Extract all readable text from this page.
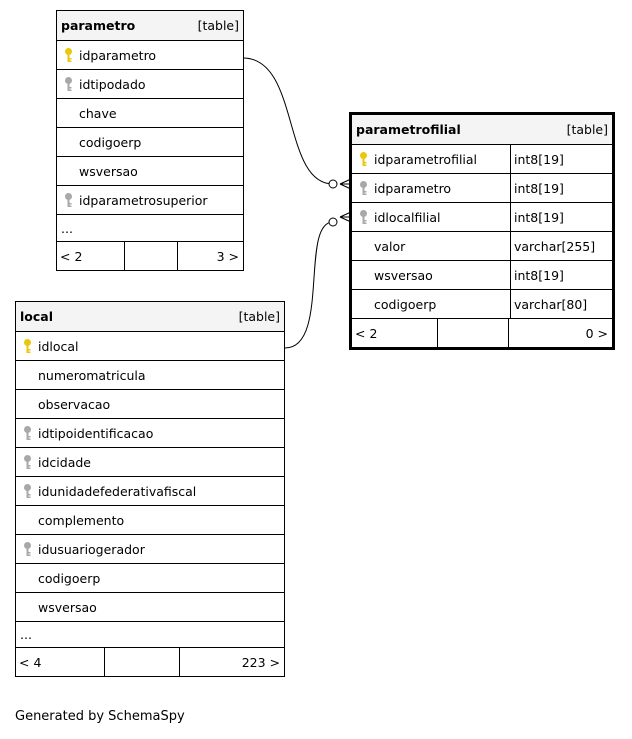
parametro	[table]
idparametro
idtipodado
chave
codigoerp
wsversao
idparametrosuperior
...
< 2	3 >
parametrofilial	[table]
idparametrofilial	int8[19]
idparametro	int8[19]
idlocalfilial	int8[19]
valor	varchar[255]
wsversao	int8[19]
codigoerp	varchar[80]
< 2	0 >
local	[table]
idlocal
numeromatricula
observacao
idtipoidentificacao
idcidade
idunidadefederativafiscal
complemento
idusuariogerador
codigoerp
wsversao
...
< 4	223 >
Generated by SchemaSpy
